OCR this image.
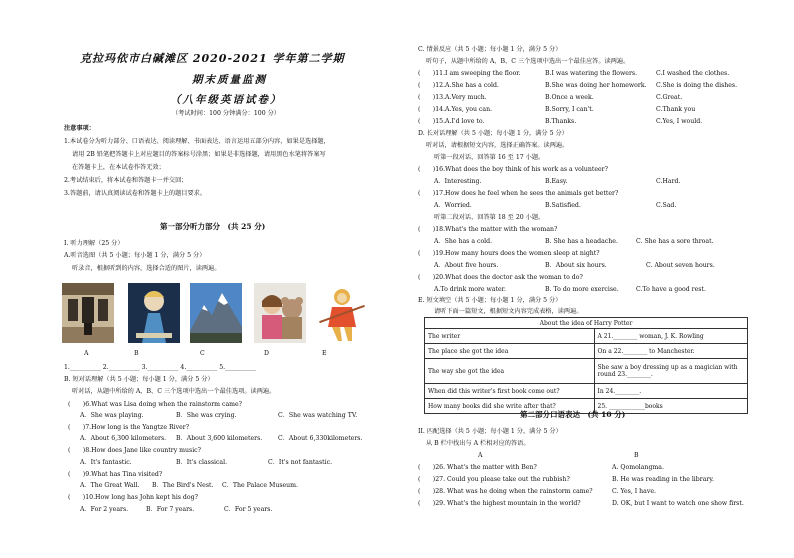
克拉玛依市白碱滩区 2020-2021 学年第二学期
期末质量监测
（八年级英语试卷）
（考试时间：100 分钟满分：100 分）
注意事项：
1.本试卷分为听力部分、口语表达、阅读理解、书面表达、语言运用五部分内容，如果是选择题，
请用 2B 铅笔把答题卡上对应题目的答案标号涂黑；如果是非选择题，请用黑色水笔将答案写
在答题卡上，在本试卷作答无效；
2.考试结束后，将本试卷和答题卡一并交回；
3.答题前，请认真阅读试卷和答题卡上的题目要求。
第一部分听力部分　(共 25 分)
I. 听力理解（25 分）
A.听音选图（共 5 小题；每小题 1 分，满分 5 分）
听录音，根据听到的内容，选择合适的图片，读两遍。
A	B	C	D	E
1.__________ 2.__________ 3.__________ 4.__________ 5.__________
B. 短对话理解（共 5 小题；每小题 1 分，满分 5 分）
听对话，从题中所给的 A、B、C 三个选项中选出一个最佳选项。读两遍。
(　　)6.What was Lisa doing when the rainstorm came?
A．She was playing.	B．She was crying.	C．She was watching TV.
(　　)7.How long is the Yangtze River?
A．About 6,300 kilometers. B．About 3,600 kilometers.	C．About 6,330kilometers.
(　　)8.How does Jane like country music?
A．It's fantastic.	B．It's classical.	C．It's not fantastic.
(　　)9.What has Tina visited?
A．The Great Wall. B．The Bird's Nest. C．The Palace Museum.
(　　)10.How long has John kept his dog?
A．For 2 years.	B．For 7 years.	C．For 5 years.
C. 情景反应（共 5 小题；每小题 1 分，满分 5 分）
听句子，从题中所给的 A、B、C 三个选项中选出一个最佳应答。读两遍。
(　　)11.I am sweeping the floor.	B.I was watering the flowers.	C.I washed the clothes.
(　　)12.A.She has a cold.	B.She was doing her homework. C.She is doing the dishes.
(　　)13.A.Very much.	B.Once a week.	C.Great.
(　　)14.A.Yes, you can.	B.Sorry, I can't.	C.Thank you
(　　)15.A.I'd love to.	B.Thanks.	C.Yes, I would.
D. 长对话理解（共 5 小题；每小题 1 分，满分 5 分）
听对话，请根据短文内容，选择正确答案。读两遍。
听第一段对话，回答第 16 至 17 小题。
(　　)16.What does the boy think of his work as a volunteer?
A．Interesting.	B.Easy.	C.Hard.
(　　)17.How does he feel when he sees the animals get better?
A．Worried.	B.Satisfied.	C.Sad.
听第二段对话，回答第 18 至 20 小题。
(　　)18.What's the matter with the woman?
A．She has a cold.	B. She has a headache.	C. She has a sore throat.
(　　)19.How many hours does the women sleep at night?
A．About five hours.	B．About six hours.	C. About seven hours.
(　　)20.What does the doctor ask the woman to do?
A.To drink more water.	B. To do more exercise.	C.To have a good rest.
E. 短文填空（共 5 小题；每小题 1 分，满分 5 分）
请听下面一篇短文，根据短文内容完成表格，读两遍。
About the idea of Harry Potter	
The writer	A 21.________ woman, J. K. Rowling
The place she got the idea	On a 22.________ to Manchester.
The way she got the idea	She saw a boy dressing up as a magician with round 23.________.
When did this writer's first book come out?	In 24.________.
How many books did she write after that?	25. ____________books
第二部分口语表达　(共 10 分)
II. 匹配选择（共 5 小题；每小题 1 分，满分 5 分）
从 B 栏中找出与 A 栏相对应的答语。
A	B
(　　)26. What's the matter with Ben?	A. Qomolangma.
(　　)27. Could you please take out the rubbish?	B. He was reading in the library.
(　　)28. What was he doing when the rainstorm came?	C. Yes, I have.
(　　)29. What's the highest mountain in the world?	D. OK, but I want to watch one show first.
